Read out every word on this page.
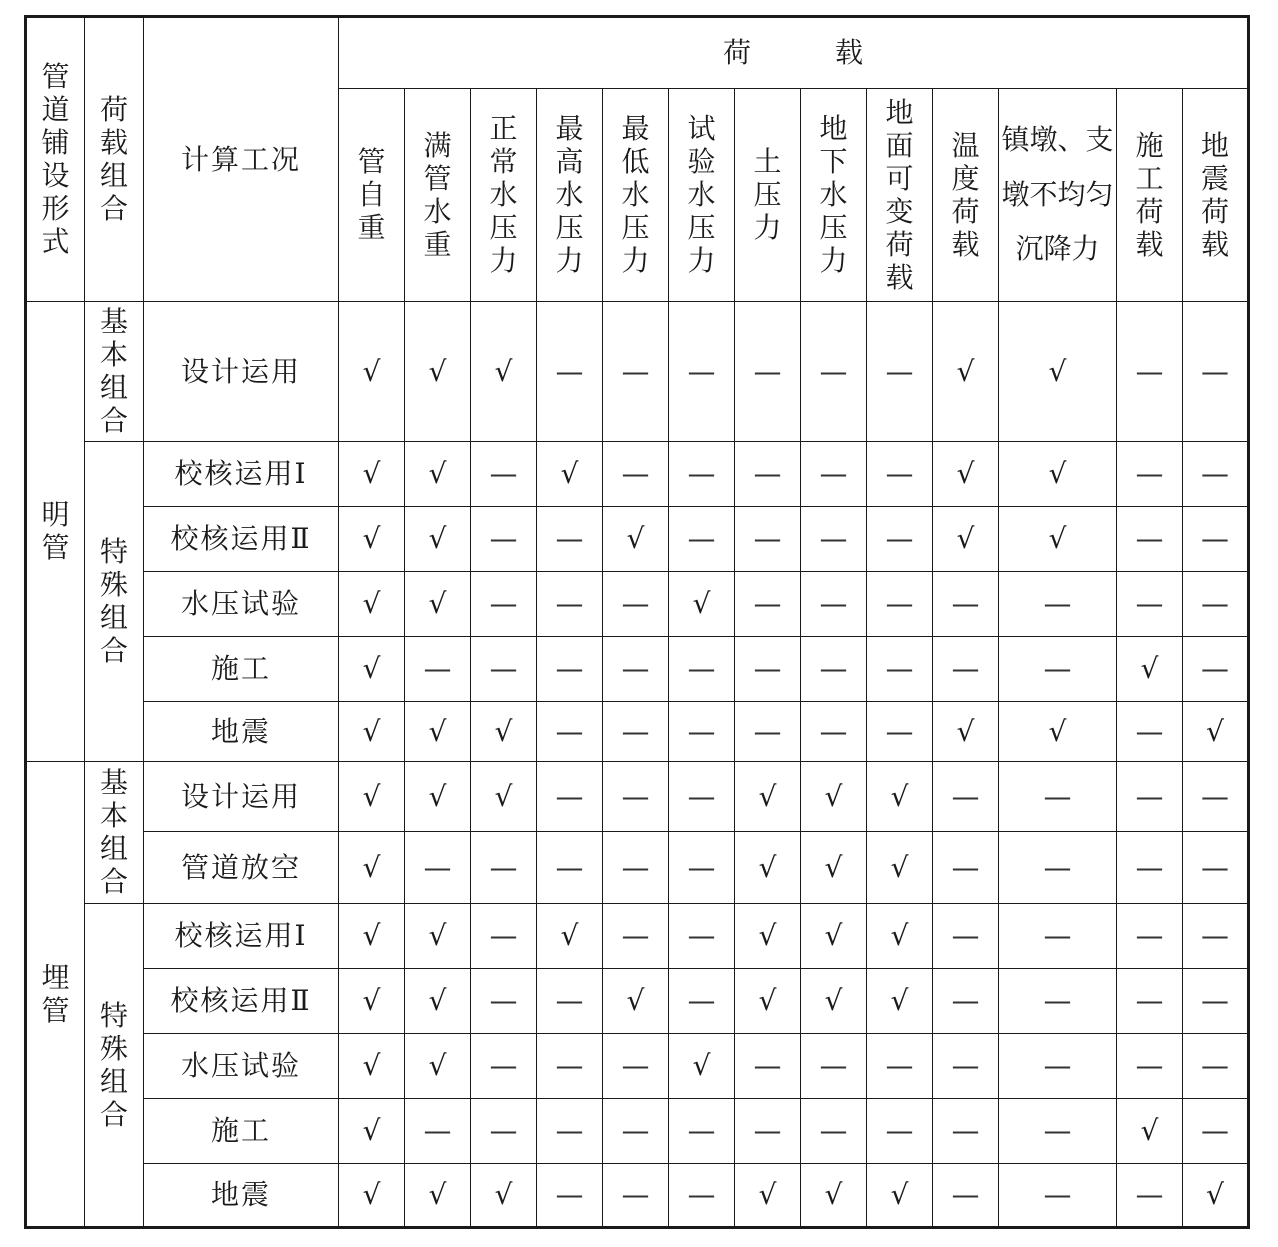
管道铺设形式	荷载组合	计算工况	荷 载												
			管自重	满管水重	正常水压力	最高水压力	最低水压力	试验水压力	土压力	地下水压力	地面可变荷载	温度荷载	镇墩、支墩不均匀沉降力	施工荷载	地震荷载
明管	基本组合	设计运用	√	√	√	—	—	—	—	—	—	√	√	—	—
	特殊组合	校核运用Ⅰ	√	√	—	√	—	—	—	—	—	√	√	—	—
		校核运用Ⅱ	√	√	—	—	√	—	—	—	—	√	√	—	—
		水压试验	√	√	—	—	—	√	—	—	—	—	—	—	—
		施工	√	—	—	—	—	—	—	—	—	—	—	√	—
		地震	√	√	√	—	—	—	—	—	—	√	√	—	√
埋管	基本组合	设计运用	√	√	√	—	—	—	√	√	√	—	—	—	—
		管道放空	√	—	—	—	—	—	√	√	√	—	—	—	—
	特殊组合	校核运用Ⅰ	√	√	—	√	—	—	√	√	√	—	—	—	—
		校核运用Ⅱ	√	√	—	—	√	—	√	√	√	—	—	—	—
		水压试验	√	√	—	—	—	√	—	—	—	—	—	—	—
		施工	√	—	—	—	—	—	—	—	—	—	—	√	—
		地震	√	√	√	—	—	—	√	√	√	—	—	—	√
